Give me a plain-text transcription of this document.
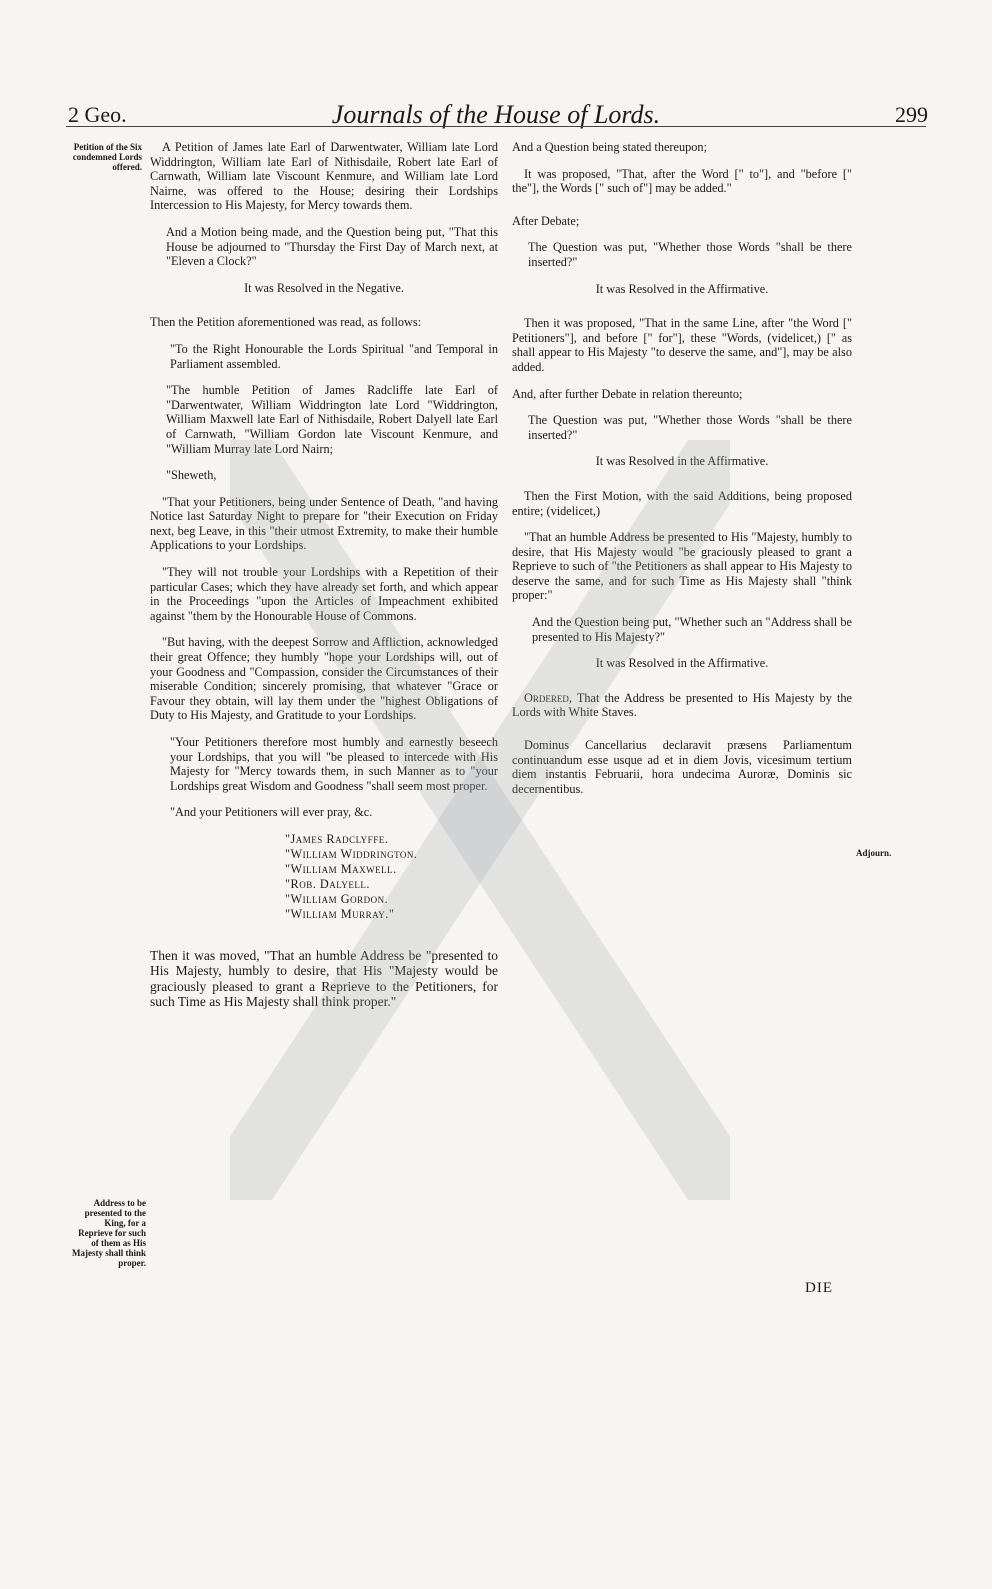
2 Geo.	Journals of the House of Lords.	299
Petition of the Six condemned Lords offered.
Address to be presented to the King, for a Reprieve for such of them as His Majesty shall think proper.
Adjourn.

A Petition of James late Earl of Darwentwater, William late Lord Widdrington, William late Earl of Nithisdaile, Robert late Earl of Carnwath, William late Viscount Kenmure, and William late Lord Nairne, was offered to the House; desiring their Lordships Intercession to His Majesty, for Mercy towards them.

And a Motion being made, and the Question being put, "That this House be adjourned to "Thursday the First Day of March next, at "Eleven a Clock?"

It was Resolved in the Negative.

Then the Petition aforementioned was read, as follows:

"To the Right Honourable the Lords Spiritual "and Temporal in Parliament assembled.

"The humble Petition of James Radcliffe late Earl of "Darwentwater, William Widdrington late Lord "Widdrington, William Maxwell late Earl of Nithisdaile, Robert Dalyell late Earl of Carnwath, "William Gordon late Viscount Kenmure, and "William Murray late Lord Nairn;

"Sheweth,

"That your Petitioners, being under Sentence of Death, "and having Notice last Saturday Night to prepare for "their Execution on Friday next, beg Leave, in this "their utmost Extremity, to make their humble Applications to your Lordships.

"They will not trouble your Lordships with a Repetition of their particular Cases; which they have already set forth, and which appear in the Proceedings "upon the Articles of Impeachment exhibited against "them by the Honourable House of Commons.

"But having, with the deepest Sorrow and Affliction, acknowledged their great Offence; they humbly "hope your Lordships will, out of your Goodness and "Compassion, consider the Circumstances of their miserable Condition; sincerely promising, that whatever "Grace or Favour they obtain, will lay them under the "highest Obligations of Duty to His Majesty, and Gratitude to your Lordships.

"Your Petitioners therefore most humbly and earnestly beseech your Lordships, that you will "be pleased to intercede with His Majesty for "Mercy towards them, in such Manner as to "your Lordships great Wisdom and Goodness "shall seem most proper.

"And your Petitioners will ever pray, &c.

"James Radclyffe.
"William Widdrington.
"William Maxwell.
"Rob. Dalyell.
"William Gordon.
"William Murray."

Then it was moved, "That an humble Address be "presented to His Majesty, humbly to desire, that His "Majesty would be graciously pleased to grant a Reprieve to the Petitioners, for such Time as His Majesty shall think proper."

And a Question being stated thereupon;

It was proposed, "That, after the Word [" to"], and "before [" the"], the Words [" such of"] may be added."

After Debate;

The Question was put, "Whether those Words "shall be there inserted?"

It was Resolved in the Affirmative.

Then it was proposed, "That in the same Line, after "the Word [" Petitioners"], and before [" for"], these "Words, (videlicet,) [" as shall appear to His Majesty "to deserve the same, and"], may be also added.

And, after further Debate in relation thereunto;

The Question was put, "Whether those Words "shall be there inserted?"

It was Resolved in the Affirmative.

Then the First Motion, with the said Additions, being proposed entire; (videlicet,)

"That an humble Address be presented to His "Majesty, humbly to desire, that His Majesty would "be graciously pleased to grant a Reprieve to such of "the Petitioners as shall appear to His Majesty to deserve the same, and for such Time as His Majesty shall "think proper:"

And the Question being put, "Whether such an "Address shall be presented to His Majesty?"

It was Resolved in the Affirmative.

Ordered, That the Address be presented to His Majesty by the Lords with White Staves.

Dominus Cancellarius declaravit præsens Parliamentum continuandum esse usque ad et in diem Jovis, vicesimum tertium diem instantis Februarii, hora undecima Auroræ, Dominis sic decernentibus.

DIE
